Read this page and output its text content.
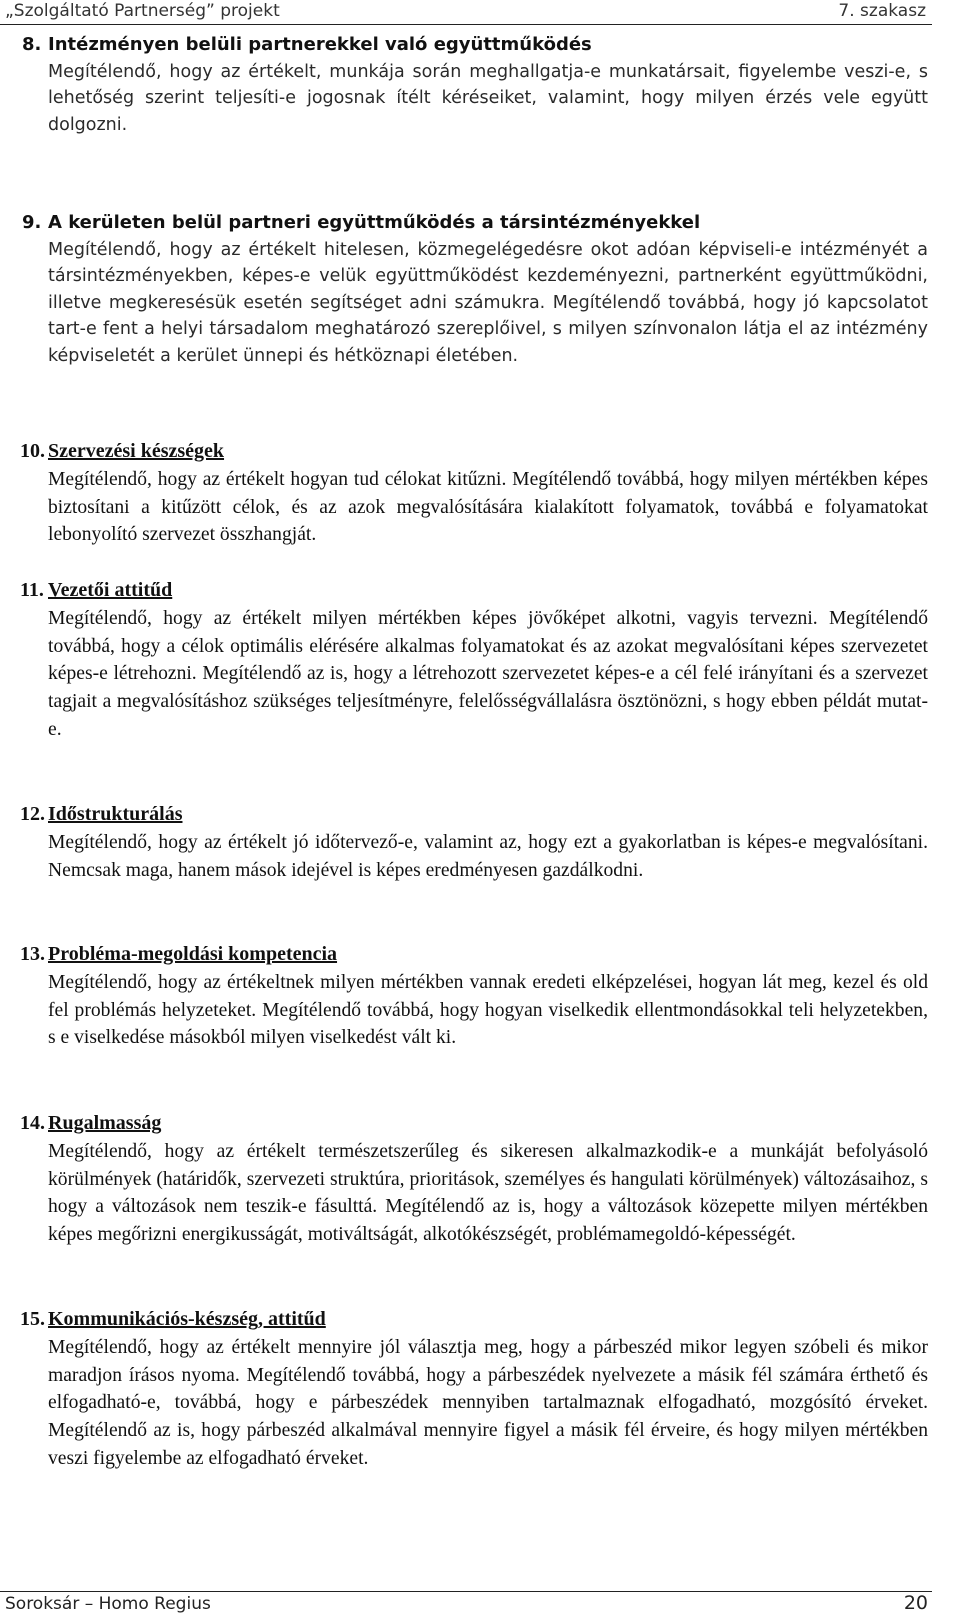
„Szolgáltató Partnerség” projekt	7. szakasz
8. Intézményen belüli partnerekkel való együttműködés

Megítélendő, hogy az értékelt, munkája során meghallgatja-e munkatársait, figyelembe veszi-e, s lehetőség szerint teljesíti-e jogosnak ítélt kéréseiket, valamint, hogy milyen érzés vele együtt dolgozni.

9. A kerületen belül partneri együttműködés a társintézményekkel

Megítélendő, hogy az értékelt hitelesen, közmegelégedésre okot adóan képviseli-e intézményét a társintézményekben, képes-e velük együttműködést kezdeményezni, partnerként együttműködni, illetve megkeresésük esetén segítséget adni számukra. Megítélendő továbbá, hogy jó kapcsolatot tart-e fent a helyi társadalom meghatározó szereplőivel, s milyen színvonalon látja el az intézmény képviseletét a kerület ünnepi és hétköznapi életében.

10. Szervezési készségek

Megítélendő, hogy az értékelt hogyan tud célokat kitűzni. Megítélendő továbbá, hogy milyen mértékben képes biztosítani a kitűzött célok, és az azok megvalósítására kialakított folyamatok, továbbá e folyamatokat lebonyolító szervezet összhangját.

11. Vezetői attitűd

Megítélendő, hogy az értékelt milyen mértékben képes jövőképet alkotni, vagyis tervezni. Megítélendő továbbá, hogy a célok optimális elérésére alkalmas folyamatokat és az azokat megvalósítani képes szervezetet képes-e létrehozni. Megítélendő az is, hogy a létrehozott szervezetet képes-e a cél felé irányítani és a szervezet tagjait a megvalósításhoz szükséges teljesítményre, felelősségvállalásra ösztönözni, s hogy ebben példát mutat-e.

12. Időstrukturálás

Megítélendő, hogy az értékelt jó időtervező-e, valamint az, hogy ezt a gyakorlatban is képes-e megvalósítani. Nemcsak maga, hanem mások idejével is képes eredményesen gazdálkodni.

13. Probléma-megoldási kompetencia

Megítélendő, hogy az értékeltnek milyen mértékben vannak eredeti elképzelései, hogyan lát meg, kezel és old fel problémás helyzeteket. Megítélendő továbbá, hogy hogyan viselkedik ellentmondásokkal teli helyzetekben, s e viselkedése másokból milyen viselkedést vált ki.

14. Rugalmasság

Megítélendő, hogy az értékelt természetszerűleg és sikeresen alkalmazkodik-e a munkáját befolyásoló körülmények (határidők, szervezeti struktúra, prioritások, személyes és hangulati körülmények) változásaihoz, s hogy a változások nem teszik-e fásulttá. Megítélendő az is, hogy a változások közepette milyen mértékben képes megőrizni energikusságát, motiváltságát, alkotókészségét, problémamegoldó-képességét.

15. Kommunikációs-készség, attitűd

Megítélendő, hogy az értékelt mennyire jól választja meg, hogy a párbeszéd mikor legyen szóbeli és mikor maradjon írásos nyoma. Megítélendő továbbá, hogy a párbeszédek nyelvezete a másik fél számára érthető és elfogadható-e, továbbá, hogy e párbeszédek mennyiben tartalmaznak elfogadható, mozgósító érveket. Megítélendő az is, hogy párbeszéd alkalmával mennyire figyel a másik fél érveire, és hogy milyen mértékben veszi figyelembe az elfogadható érveket.

Soroksár – Homo Regius	20
